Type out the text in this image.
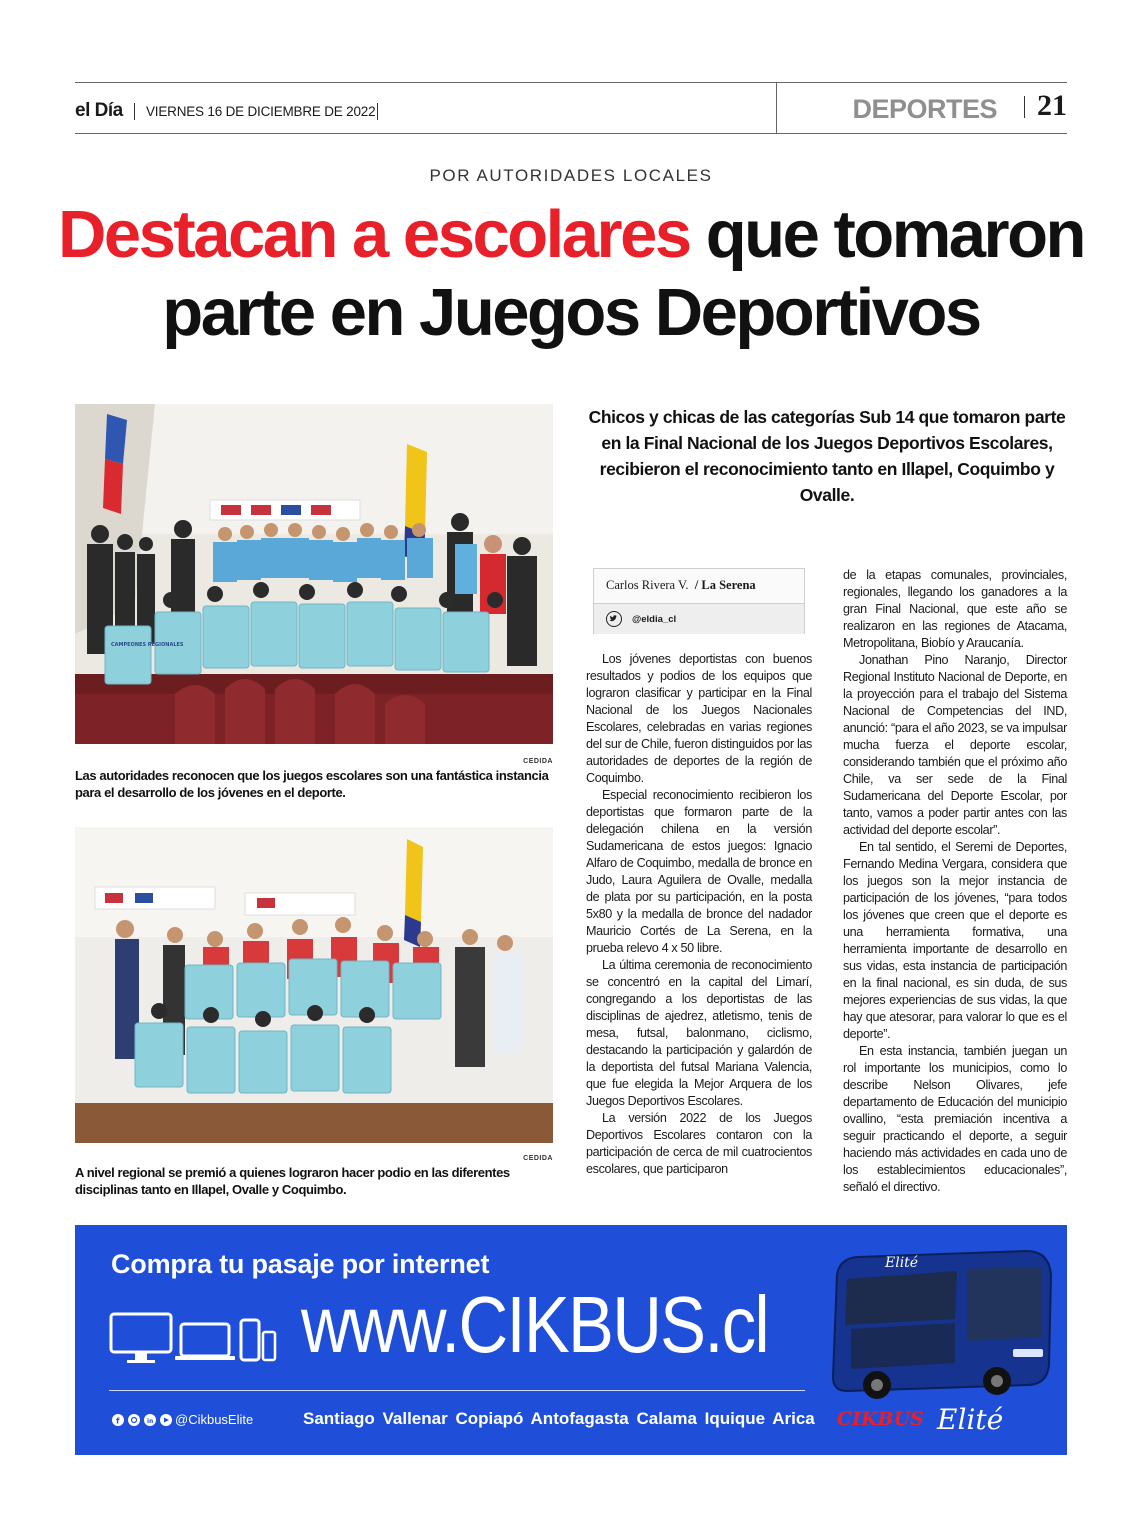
el Día VIERNES 16 DE DICIEMBRE DE 2022	DEPORTES 21
POR AUTORIDADES LOCALES
Destacan a escolares que tomaron parte en Juegos Deportivos
CAMPEONES REGIONALES
CEDIDA
Las autoridades reconocen que los juegos escolares son una fantástica instancia para el desarrollo de los jóvenes en el deporte.
CEDIDA
A nivel regional se premió a quienes lograron hacer podio en las diferentes disciplinas tanto en Illapel, Ovalle y Coquimbo.
Chicos y chicas de las categorías Sub 14 que tomaron parte en la Final Nacional de los Juegos Deportivos Escolares, recibieron el reconocimiento tanto en Illapel, Coquimbo y Ovalle.
Carlos Rivera V. / La Serena
@eldia_cl

Los jóvenes deportistas con buenos resultados y podios de los equipos que lograron clasificar y participar en la Final Nacional de los Juegos Nacionales Escolares, celebradas en varias regiones del sur de Chile, fueron distinguidos por las autoridades de deportes de la región de Coquimbo.

Especial reconocimiento recibieron los deportistas que formaron parte de la delegación chilena en la versión Sudamericana de estos juegos: Ignacio Alfaro de Coquimbo, medalla de bronce en Judo, Laura Aguilera de Ovalle, medalla de plata por su participación, en la posta 5x80 y la medalla de bronce del nadador Mauricio Cortés de La Serena, en la prueba relevo 4 x 50 libre.

La última ceremonia de reconocimiento se concentró en la capital del Limarí, congregando a los deportistas de las disciplinas de ajedrez, atletismo, tenis de mesa, futsal, balonmano, ciclismo, destacando la participación y galardón de la deportista del futsal Mariana Valencia, que fue elegida la Mejor Arquera de los Juegos Deportivos Escolares.

La versión 2022 de los Juegos Deportivos Escolares contaron con la participación de cerca de mil cuatrocientos escolares, que participaron

de la etapas comunales, provinciales, regionales, llegando los ganadores a la gran Final Nacional, que este año se realizaron en las regiones de Atacama, Metropolitana, Biobío y Araucanía.

Jonathan Pino Naranjo, Director Regional Instituto Nacional de Deporte, en la proyección para el trabajo del Sistema Nacional de Competencias del IND, anunció: “para el año 2023, se va impulsar mucha fuerza el deporte escolar, considerando también que el próximo año Chile, va ser sede de la Final Sudamericana del Deporte Escolar, por tanto, vamos a poder partir antes con las actividad del deporte escolar”.

En tal sentido, el Seremi de Deportes, Fernando Medina Vergara, considera que los juegos son la mejor instancia de participación de los jóvenes, “para todos los jóvenes que creen que el deporte es una herramienta formativa, una herramienta importante de desarrollo en sus vidas, esta instancia de participación en la final nacional, es sin duda, de sus mejores experiencias de sus vidas, la que hay que atesorar, para valorar lo que es el deporte”.

En esta instancia, también juegan un rol importante los municipios, como lo describe Nelson Olivares, jefe departamento de Educación del municipio ovallino, “esta premiación incentiva a seguir practicando el deporte, a seguir haciendo más actividades en cada uno de los establecimientos educacionales”, señaló el directivo.

Compra tu pasaje por internet
www.CIKBUS.cl
f	in @CikbusElite	Santiago Vallenar Copiapó Antofagasta Calama Iquique Arica
Elité
CIKBUS Elité
